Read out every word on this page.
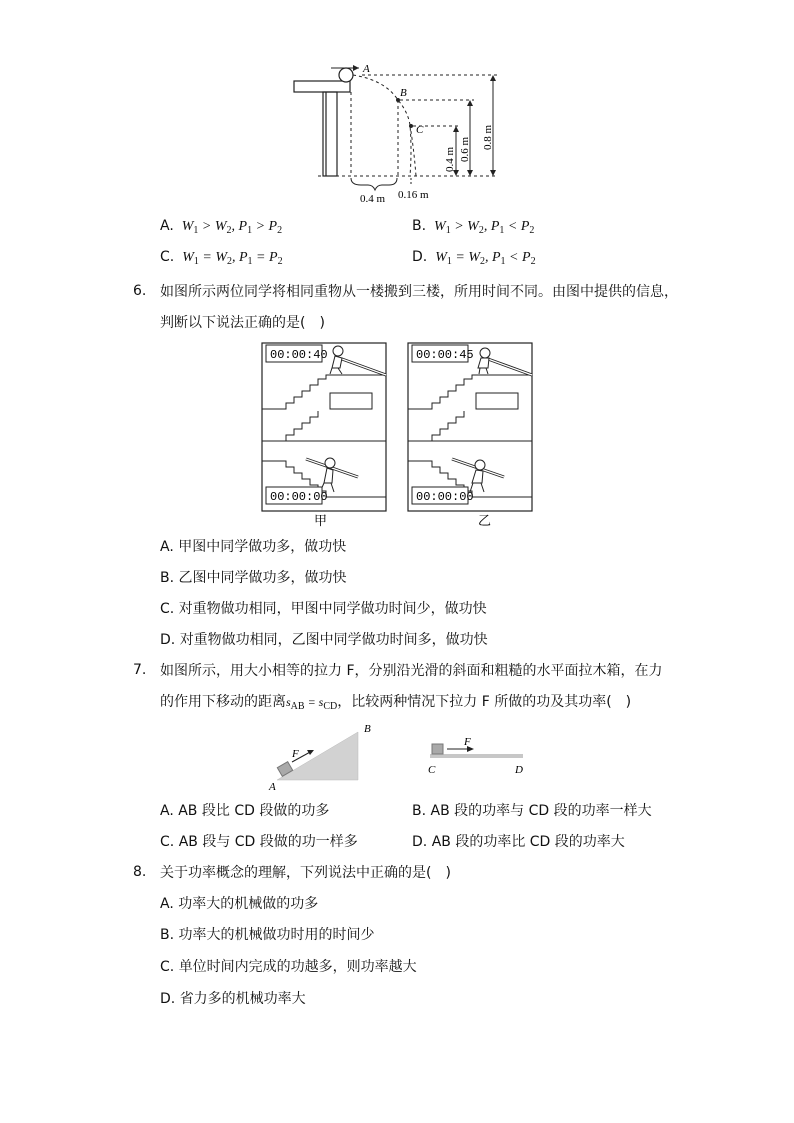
A
B
C	0.8 m
0.6 m
0.4 m
0.4 m 0.16 m
A. $W_1 > W_2$, $P_1 > P_2$	B. $W_1 > W_2$, $P_1 < P_2$
C. $W_1 = W_2$, $P_1 = P_2$	D. $W_1 = W_2$, $P_1 < P_2$
6. 如图所示两位同学将相同重物从一楼搬到三楼，所用时间不同。由图中提供的信息，
判断以下说法正确的是(　)
00:00:40
00:00:00
00:00:45
00:00:00
甲	乙
A. 甲图中同学做功多，做功快
B. 乙图中同学做功多，做功快
C. 对重物做功相同，甲图中同学做功时间少，做功快
D. 对重物做功相同，乙图中同学做功时间多，做功快
7. 如图所示，用大小相等的拉力 F，分别沿光滑的斜面和粗糙的水平面拉木箱，在力
的作用下移动的距离$s_{AB} = s_{CD}$，比较两种情况下拉力 F 所做的功及其功率(　)
F
A
B
F
C	D
A. AB 段比 CD 段做的功多	B. AB 段的功率与 CD 段的功率一样大
C. AB 段与 CD 段做的功一样多	D. AB 段的功率比 CD 段的功率大
8. 关于功率概念的理解，下列说法中正确的是(　)
A. 功率大的机械做的功多
B. 功率大的机械做功时用的时间少
C. 单位时间内完成的功越多，则功率越大
D. 省力多的机械功率大
